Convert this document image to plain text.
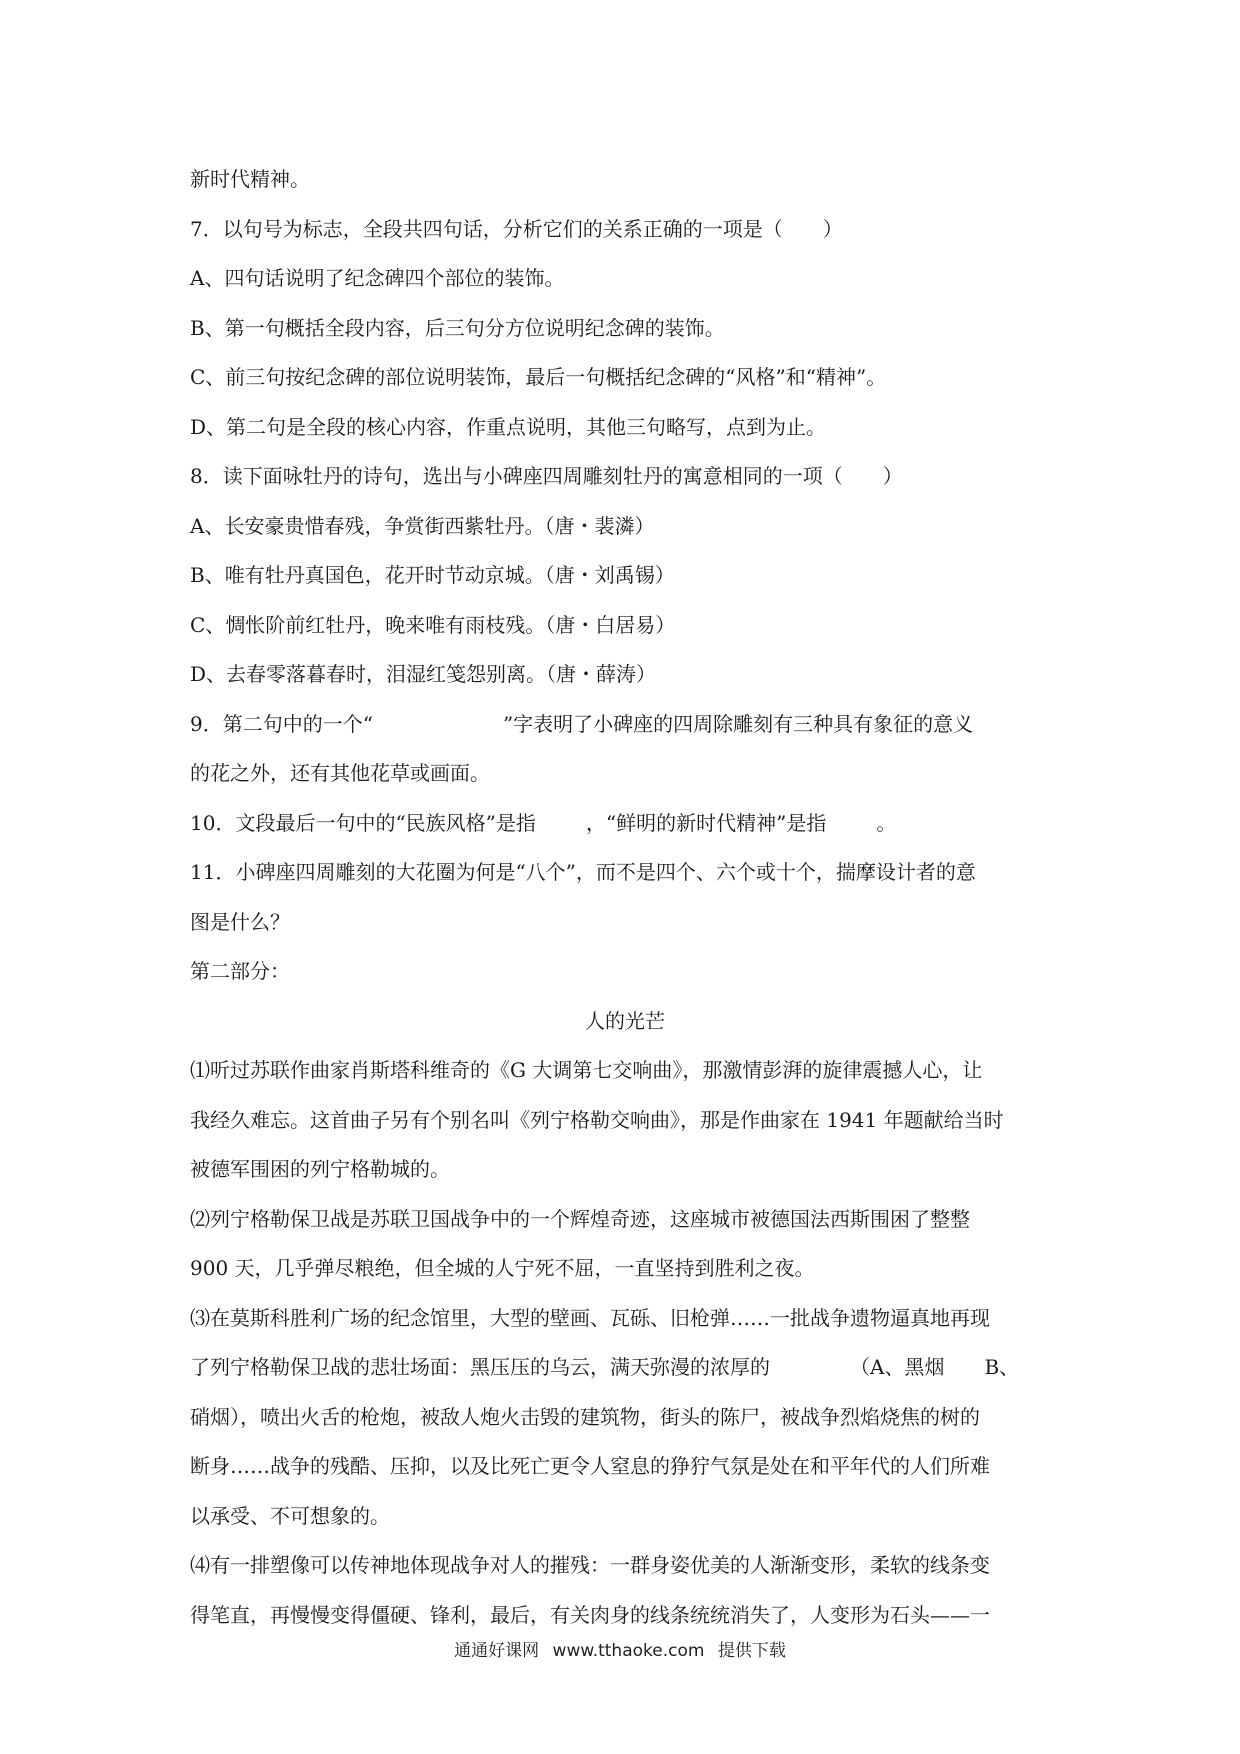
新时代精神。
7．以句号为标志，全段共四句话，分析它们的关系正确的一项是（　　）
A、四句话说明了纪念碑四个部位的装饰。
B、第一句概括全段内容，后三句分方位说明纪念碑的装饰。
C、前三句按纪念碑的部位说明装饰，最后一句概括纪念碑的“风格”和“精神”。
D、第二句是全段的核心内容，作重点说明，其他三句略写，点到为止。
8．读下面咏牡丹的诗句，选出与小碑座四周雕刻牡丹的寓意相同的一项（　　）
A、长安豪贵惜春残，争赏街西紫牡丹。（唐・裴潾）
B、唯有牡丹真国色，花开时节动京城。（唐・刘禹锡）
C、惆怅阶前红牡丹，晚来唯有雨枝残。（唐・白居易）
D、去春零落暮春时，泪湿红笺怨别离。（唐・薛涛）
9．第二句中的一个“	”字表明了小碑座的四周除雕刻有三种具有象征的意义
的花之外，还有其他花草或画面。
10．文段最后一句中的“民族风格”是指	，“鲜明的新时代精神”是指	。
11．小碑座四周雕刻的大花圈为何是“八个”，而不是四个、六个或十个，揣摩设计者的意
图是什么？
第二部分：
人的光芒
⑴听过苏联作曲家肖斯塔科维奇的《G 大调第七交响曲》，那激情彭湃的旋律震撼人心，让
我经久难忘。这首曲子另有个别名叫《列宁格勒交响曲》，那是作曲家在 1941 年题献给当时
被德军围困的列宁格勒城的。
⑵列宁格勒保卫战是苏联卫国战争中的一个辉煌奇迹，这座城市被德国法西斯围困了整整
900 天，几乎弹尽粮绝，但全城的人宁死不屈，一直坚持到胜利之夜。
⑶在莫斯科胜利广场的纪念馆里，大型的壁画、瓦砾、旧枪弹……一批战争遗物逼真地再现
了列宁格勒保卫战的悲壮场面：黑压压的乌云，满天弥漫的浓厚的	（A、黑烟　　B、
硝烟），喷出火舌的枪炮，被敌人炮火击毁的建筑物，街头的陈尸，被战争烈焰烧焦的树的
断身……战争的残酷、压抑，以及比死亡更令人窒息的狰狞气氛是处在和平年代的人们所难
以承受、不可想象的。
⑷有一排塑像可以传神地体现战争对人的摧残：一群身姿优美的人渐渐变形，柔软的线条变
得笔直，再慢慢变得僵硬、锋利，最后，有关肉身的线条统统消失了，人变形为石头——一
通通好课网 www.tthaoke.com 提供下载
